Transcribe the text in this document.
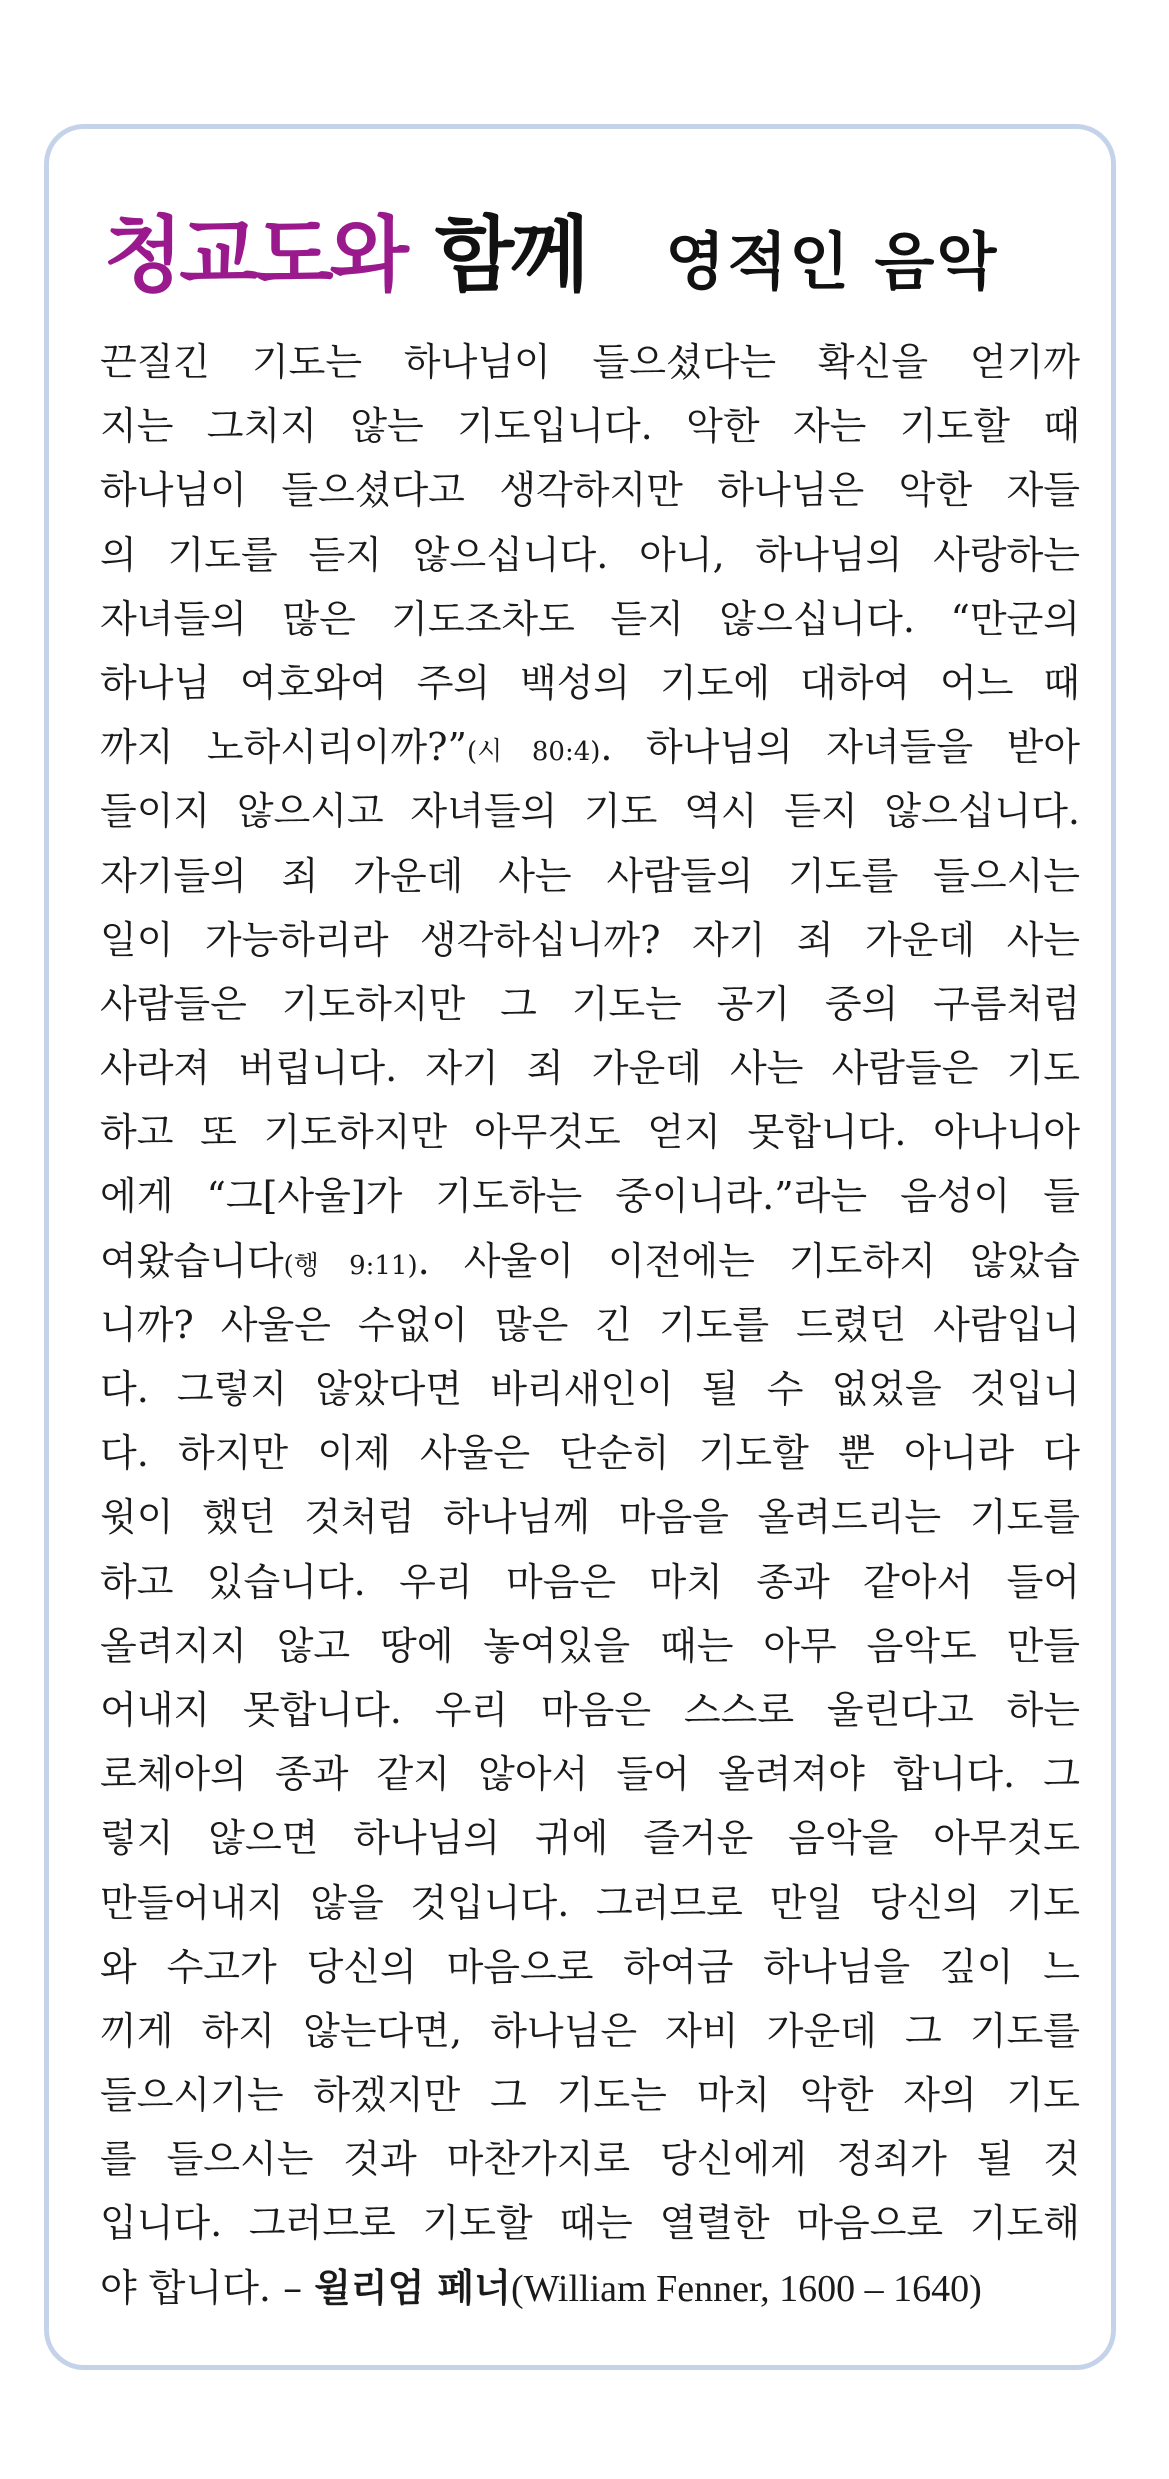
청교도와 함께 영적인 음악
끈질긴 기도는 하나님이 들으셨다는 확신을 얻기까
지는 그치지 않는 기도입니다. 악한 자는 기도할 때
하나님이 들으셨다고 생각하지만 하나님은 악한 자들
의 기도를 듣지 않으십니다. 아니, 하나님의 사랑하는
자녀들의 많은 기도조차도 듣지 않으십니다. “만군의
하나님 여호와여 주의 백성의 기도에 대하여 어느 때
까지 노하시리이까?”(시 80:4). 하나님의 자녀들을 받아
들이지 않으시고 자녀들의 기도 역시 듣지 않으십니다.
자기들의 죄 가운데 사는 사람들의 기도를 들으시는
일이 가능하리라 생각하십니까? 자기 죄 가운데 사는
사람들은 기도하지만 그 기도는 공기 중의 구름처럼
사라져 버립니다. 자기 죄 가운데 사는 사람들은 기도
하고 또 기도하지만 아무것도 얻지 못합니다. 아나니아
에게 “그[사울]가 기도하는 중이니라.”라는 음성이 들
여왔습니다(행 9:11). 사울이 이전에는 기도하지 않았습
니까? 사울은 수없이 많은 긴 기도를 드렸던 사람입니
다. 그렇지 않았다면 바리새인이 될 수 없었을 것입니
다. 하지만 이제 사울은 단순히 기도할 뿐 아니라 다
윗이 했던 것처럼 하나님께 마음을 올려드리는 기도를
하고 있습니다. 우리 마음은 마치 종과 같아서 들어
올려지지 않고 땅에 놓여있을 때는 아무 음악도 만들
어내지 못합니다. 우리 마음은 스스로 울린다고 하는
로체아의 종과 같지 않아서 들어 올려져야 합니다. 그
렇지 않으면 하나님의 귀에 즐거운 음악을 아무것도
만들어내지 않을 것입니다. 그러므로 만일 당신의 기도
와 수고가 당신의 마음으로 하여금 하나님을 깊이 느
끼게 하지 않는다면, 하나님은 자비 가운데 그 기도를
들으시기는 하겠지만 그 기도는 마치 악한 자의 기도
를 들으시는 것과 마찬가지로 당신에게 정죄가 될 것
입니다. 그러므로 기도할 때는 열렬한 마음으로 기도해
야 합니다. – 윌리엄 페너(William Fenner, 1600 – 1640)
